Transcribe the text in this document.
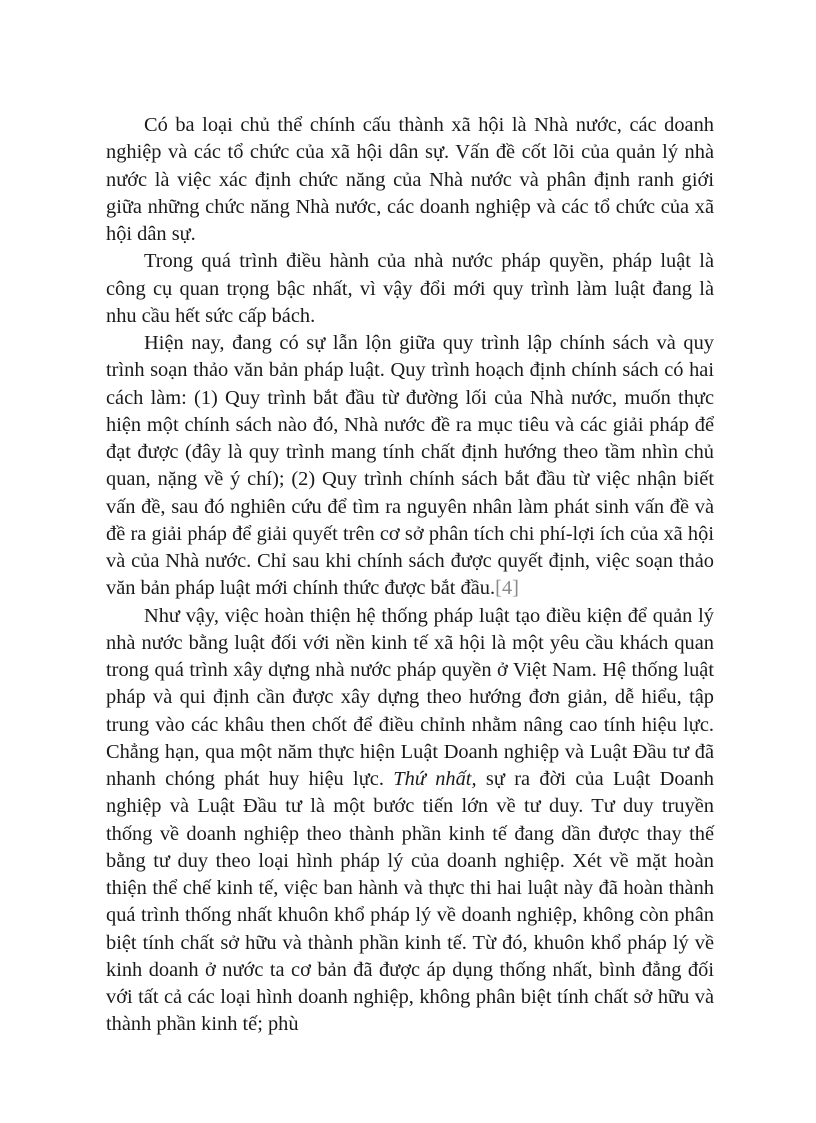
Có ba loại chủ thể chính cấu thành xã hội là Nhà nước, các doanh nghiệp và các tổ chức của xã hội dân sự. Vấn đề cốt lõi của quản lý nhà nước là việc xác định chức năng của Nhà nước và phân định ranh giới giữa những chức năng Nhà nước, các doanh nghiệp và các tổ chức của xã hội dân sự.

Trong quá trình điều hành của nhà nước pháp quyền, pháp luật là công cụ quan trọng bậc nhất, vì vậy đổi mới quy trình làm luật đang là nhu cầu hết sức cấp bách.

Hiện nay, đang có sự lẫn lộn giữa quy trình lập chính sách và quy trình soạn thảo văn bản pháp luật. Quy trình hoạch định chính sách có hai cách làm: (1) Quy trình bắt đầu từ đường lối của Nhà nước, muốn thực hiện một chính sách nào đó, Nhà nước đề ra mục tiêu và các giải pháp để đạt được (đây là quy trình mang tính chất định hướng theo tầm nhìn chủ quan, nặng về ý chí); (2) Quy trình chính sách bắt đầu từ việc nhận biết vấn đề, sau đó nghiên cứu để tìm ra nguyên nhân làm phát sinh vấn đề và đề ra giải pháp để giải quyết trên cơ sở phân tích chi phí-lợi ích của xã hội và của Nhà nước. Chỉ sau khi chính sách được quyết định, việc soạn thảo văn bản pháp luật mới chính thức được bắt đầu.[4]

Như vậy, việc hoàn thiện hệ thống pháp luật tạo điều kiện để quản lý nhà nước bằng luật đối với nền kinh tế xã hội là một yêu cầu khách quan trong quá trình xây dựng nhà nước pháp quyền ở Việt Nam. Hệ thống luật pháp và qui định cần được xây dựng theo hướng đơn giản, dễ hiểu, tập trung vào các khâu then chốt để điều chỉnh nhằm nâng cao tính hiệu lực. Chẳng hạn, qua một năm thực hiện Luật Doanh nghiệp và Luật Đầu tư đã nhanh chóng phát huy hiệu lực. Thứ nhất, sự ra đời của Luật Doanh nghiệp và Luật Đầu tư là một bước tiến lớn về tư duy. Tư duy truyền thống về doanh nghiệp theo thành phần kinh tế đang dần được thay thế bằng tư duy theo loại hình pháp lý của doanh nghiệp. Xét về mặt hoàn thiện thể chế kinh tế, việc ban hành và thực thi hai luật này đã hoàn thành quá trình thống nhất khuôn khổ pháp lý về doanh nghiệp, không còn phân biệt tính chất sở hữu và thành phần kinh tế. Từ đó, khuôn khổ pháp lý về kinh doanh ở nước ta cơ bản đã được áp dụng thống nhất, bình đẳng đối với tất cả các loại hình doanh nghiệp, không phân biệt tính chất sở hữu và thành phần kinh tế; phù
